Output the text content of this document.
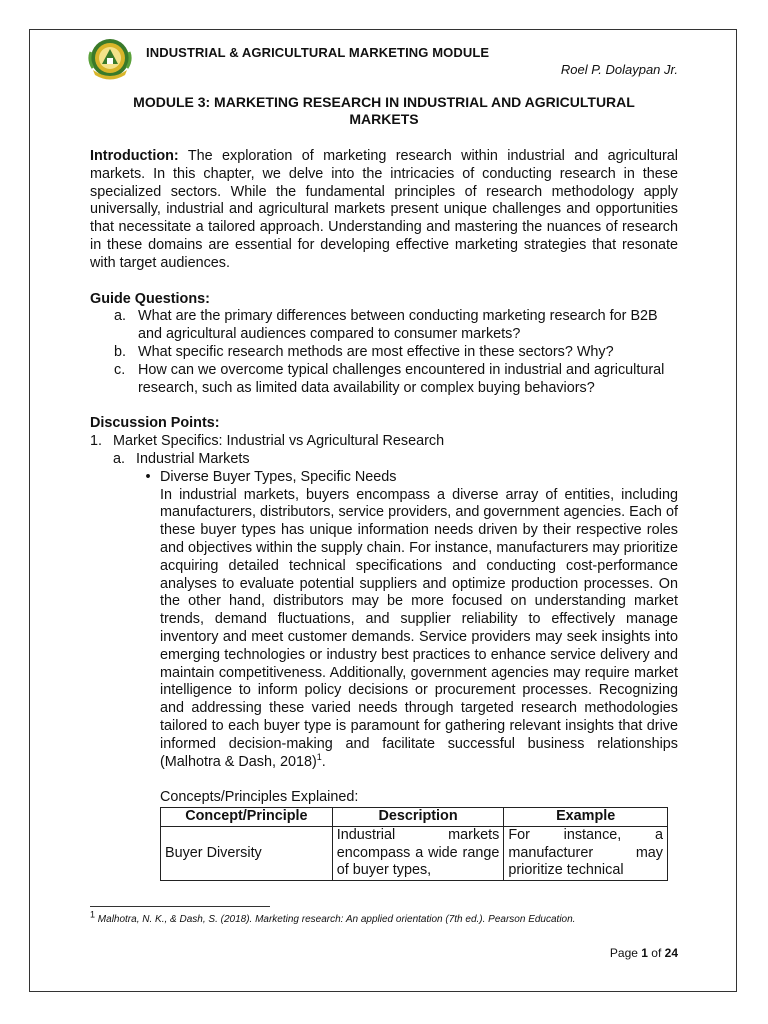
INDUSTRIAL & AGRICULTURAL MARKETING MODULE
Roel P. Dolaypan Jr.
MODULE 3: MARKETING RESEARCH IN INDUSTRIAL AND AGRICULTURAL
MARKETS

Introduction: The exploration of marketing research within industrial and agricultural markets. In this chapter, we delve into the intricacies of conducting research in these specialized sectors. While the fundamental principles of research methodology apply universally, industrial and agricultural markets present unique challenges and opportunities that necessitate a tailored approach. Understanding and mastering the nuances of research in these domains are essential for developing effective marketing strategies that resonate with target audiences.

Guide Questions:
a. What are the primary differences between conducting marketing research for B2B and agricultural audiences compared to consumer markets?
b. What specific research methods are most effective in these sectors? Why?
c. How can we overcome typical challenges encountered in industrial and agricultural research, such as limited data availability or complex buying behaviors?
Discussion Points:
1. Market Specifics: Industrial vs Agricultural Research
a. Industrial Markets
• Diverse Buyer Types, Specific Needs
In industrial markets, buyers encompass a diverse array of entities, including manufacturers, distributors, service providers, and government agencies. Each of these buyer types has unique information needs driven by their respective roles and objectives within the supply chain. For instance, manufacturers may prioritize acquiring detailed technical specifications and conducting cost-performance analyses to evaluate potential suppliers and optimize production processes. On the other hand, distributors may be more focused on understanding market trends, demand fluctuations, and supplier reliability to effectively manage inventory and meet customer demands. Service providers may seek insights into emerging technologies or industry best practices to enhance service delivery and maintain competitiveness. Additionally, government agencies may require market intelligence to inform policy decisions or procurement processes. Recognizing and addressing these varied needs through targeted research methodologies tailored to each buyer type is paramount for gathering relevant insights that drive informed decision-making and facilitate successful business relationships (Malhotra & Dash, 2018)$^1$.
Concepts/Principles Explained:
Concept/Principle	Description	Example
Buyer Diversity	Industrial markets encompass a wide range of buyer types,	For instance, a manufacturer may prioritize technical
$^1$ Malhotra, N. K., & Dash, S. (2018). Marketing research: An applied orientation (7th ed.). Pearson Education.
Page 1 of 24
